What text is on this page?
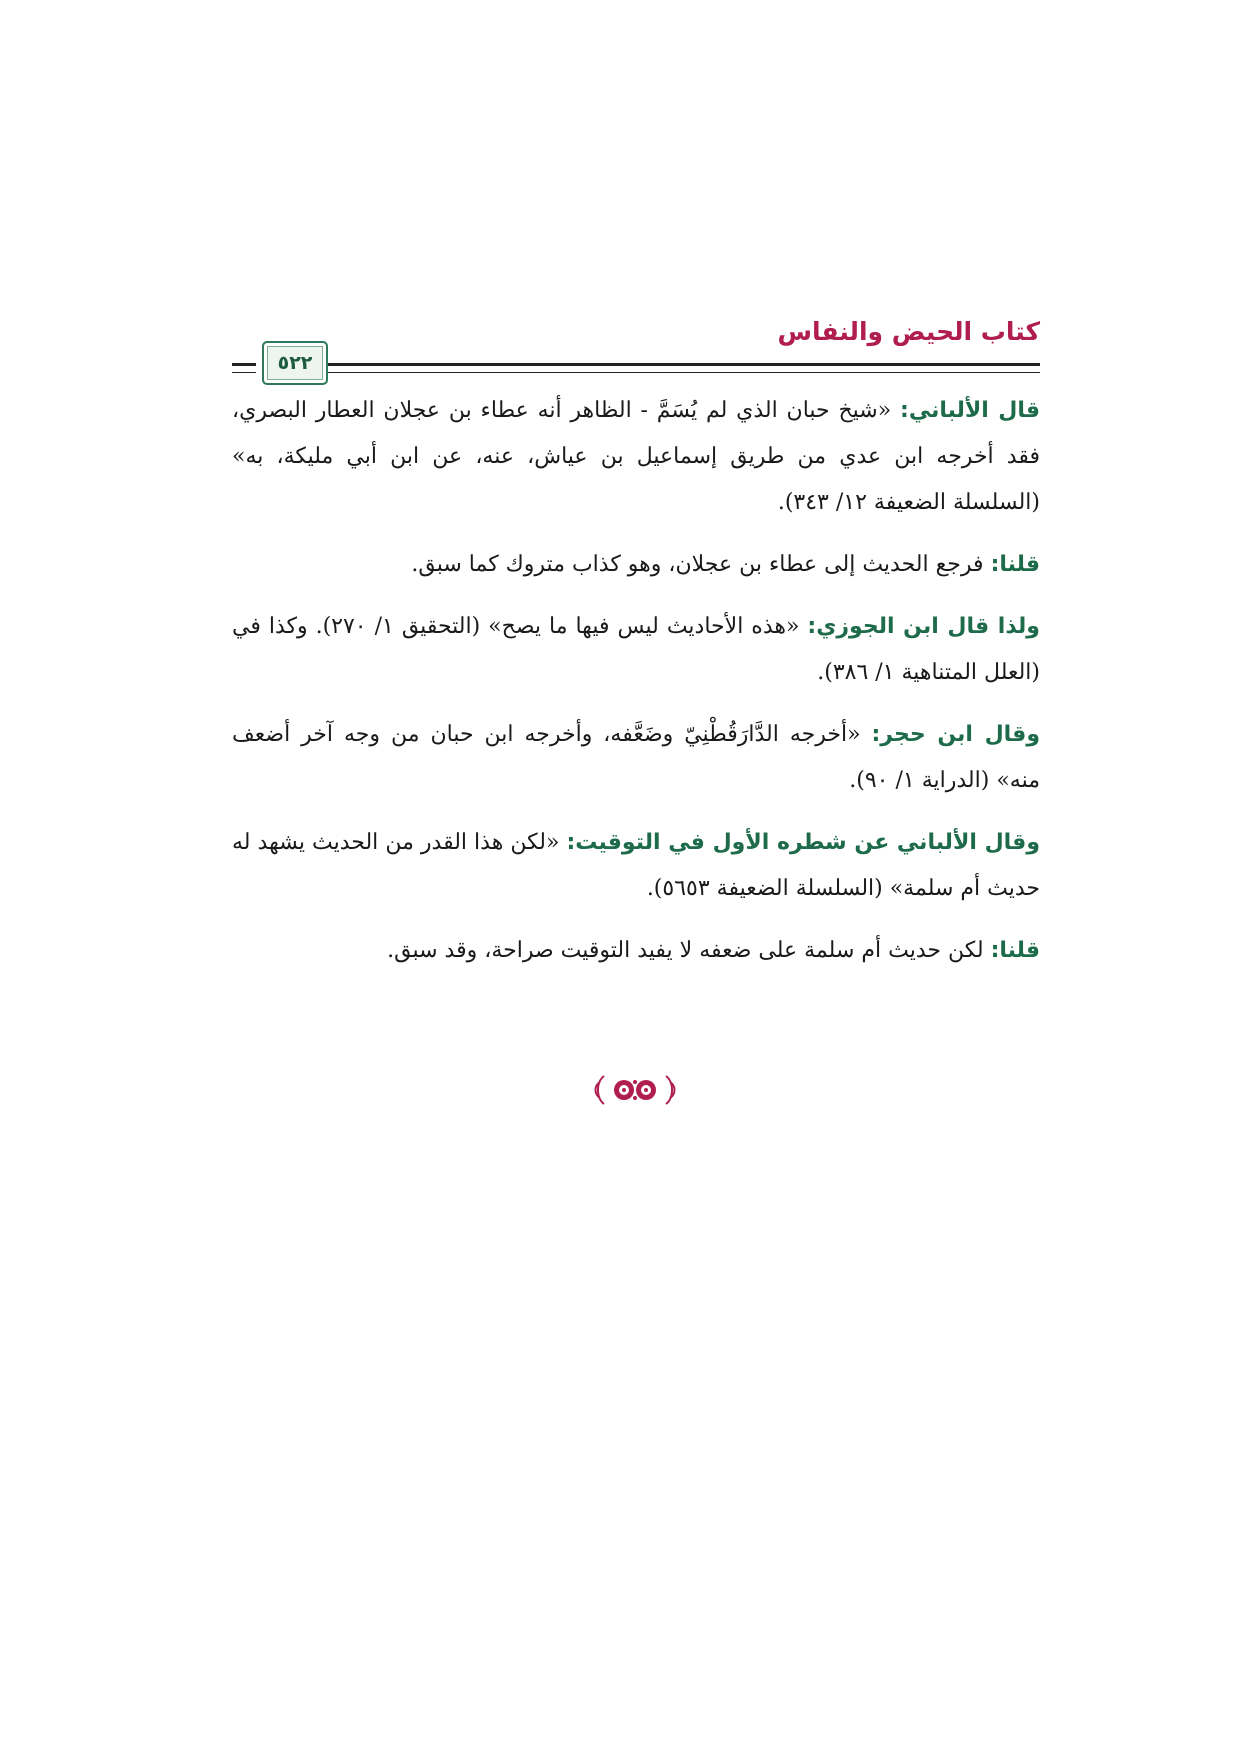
كتاب الحيض والنفاس
٥٢٢

قال الألباني: «شيخ حبان الذي لم يُسَمَّ - الظاهر أنه عطاء بن عجلان العطار البصري، فقد أخرجه ابن عدي من طريق إسماعيل بن عياش، عنه، عن ابن أبي مليكة، به» (السلسلة الضعيفة ١٢/ ٣٤٣).

قلنا: فرجع الحديث إلى عطاء بن عجلان، وهو كذاب متروك كما سبق.

ولذا قال ابن الجوزي: «هذه الأحاديث ليس فيها ما يصح» (التحقيق ١/ ٢٧٠). وكذا في (العلل المتناهية ١/ ٣٨٦).

وقال ابن حجر: «أخرجه الدَّارَقُطْنِيّ وضَعَّفه، وأخرجه ابن حبان من وجه آخر أضعف منه» (الدراية ١/ ٩٠).

وقال الألباني عن شطره الأول في التوقيت: «لكن هذا القدر من الحديث يشهد له حديث أم سلمة» (السلسلة الضعيفة ٥٦٥٣).

قلنا: لكن حديث أم سلمة على ضعفه لا يفيد التوقيت صراحة، وقد سبق.
